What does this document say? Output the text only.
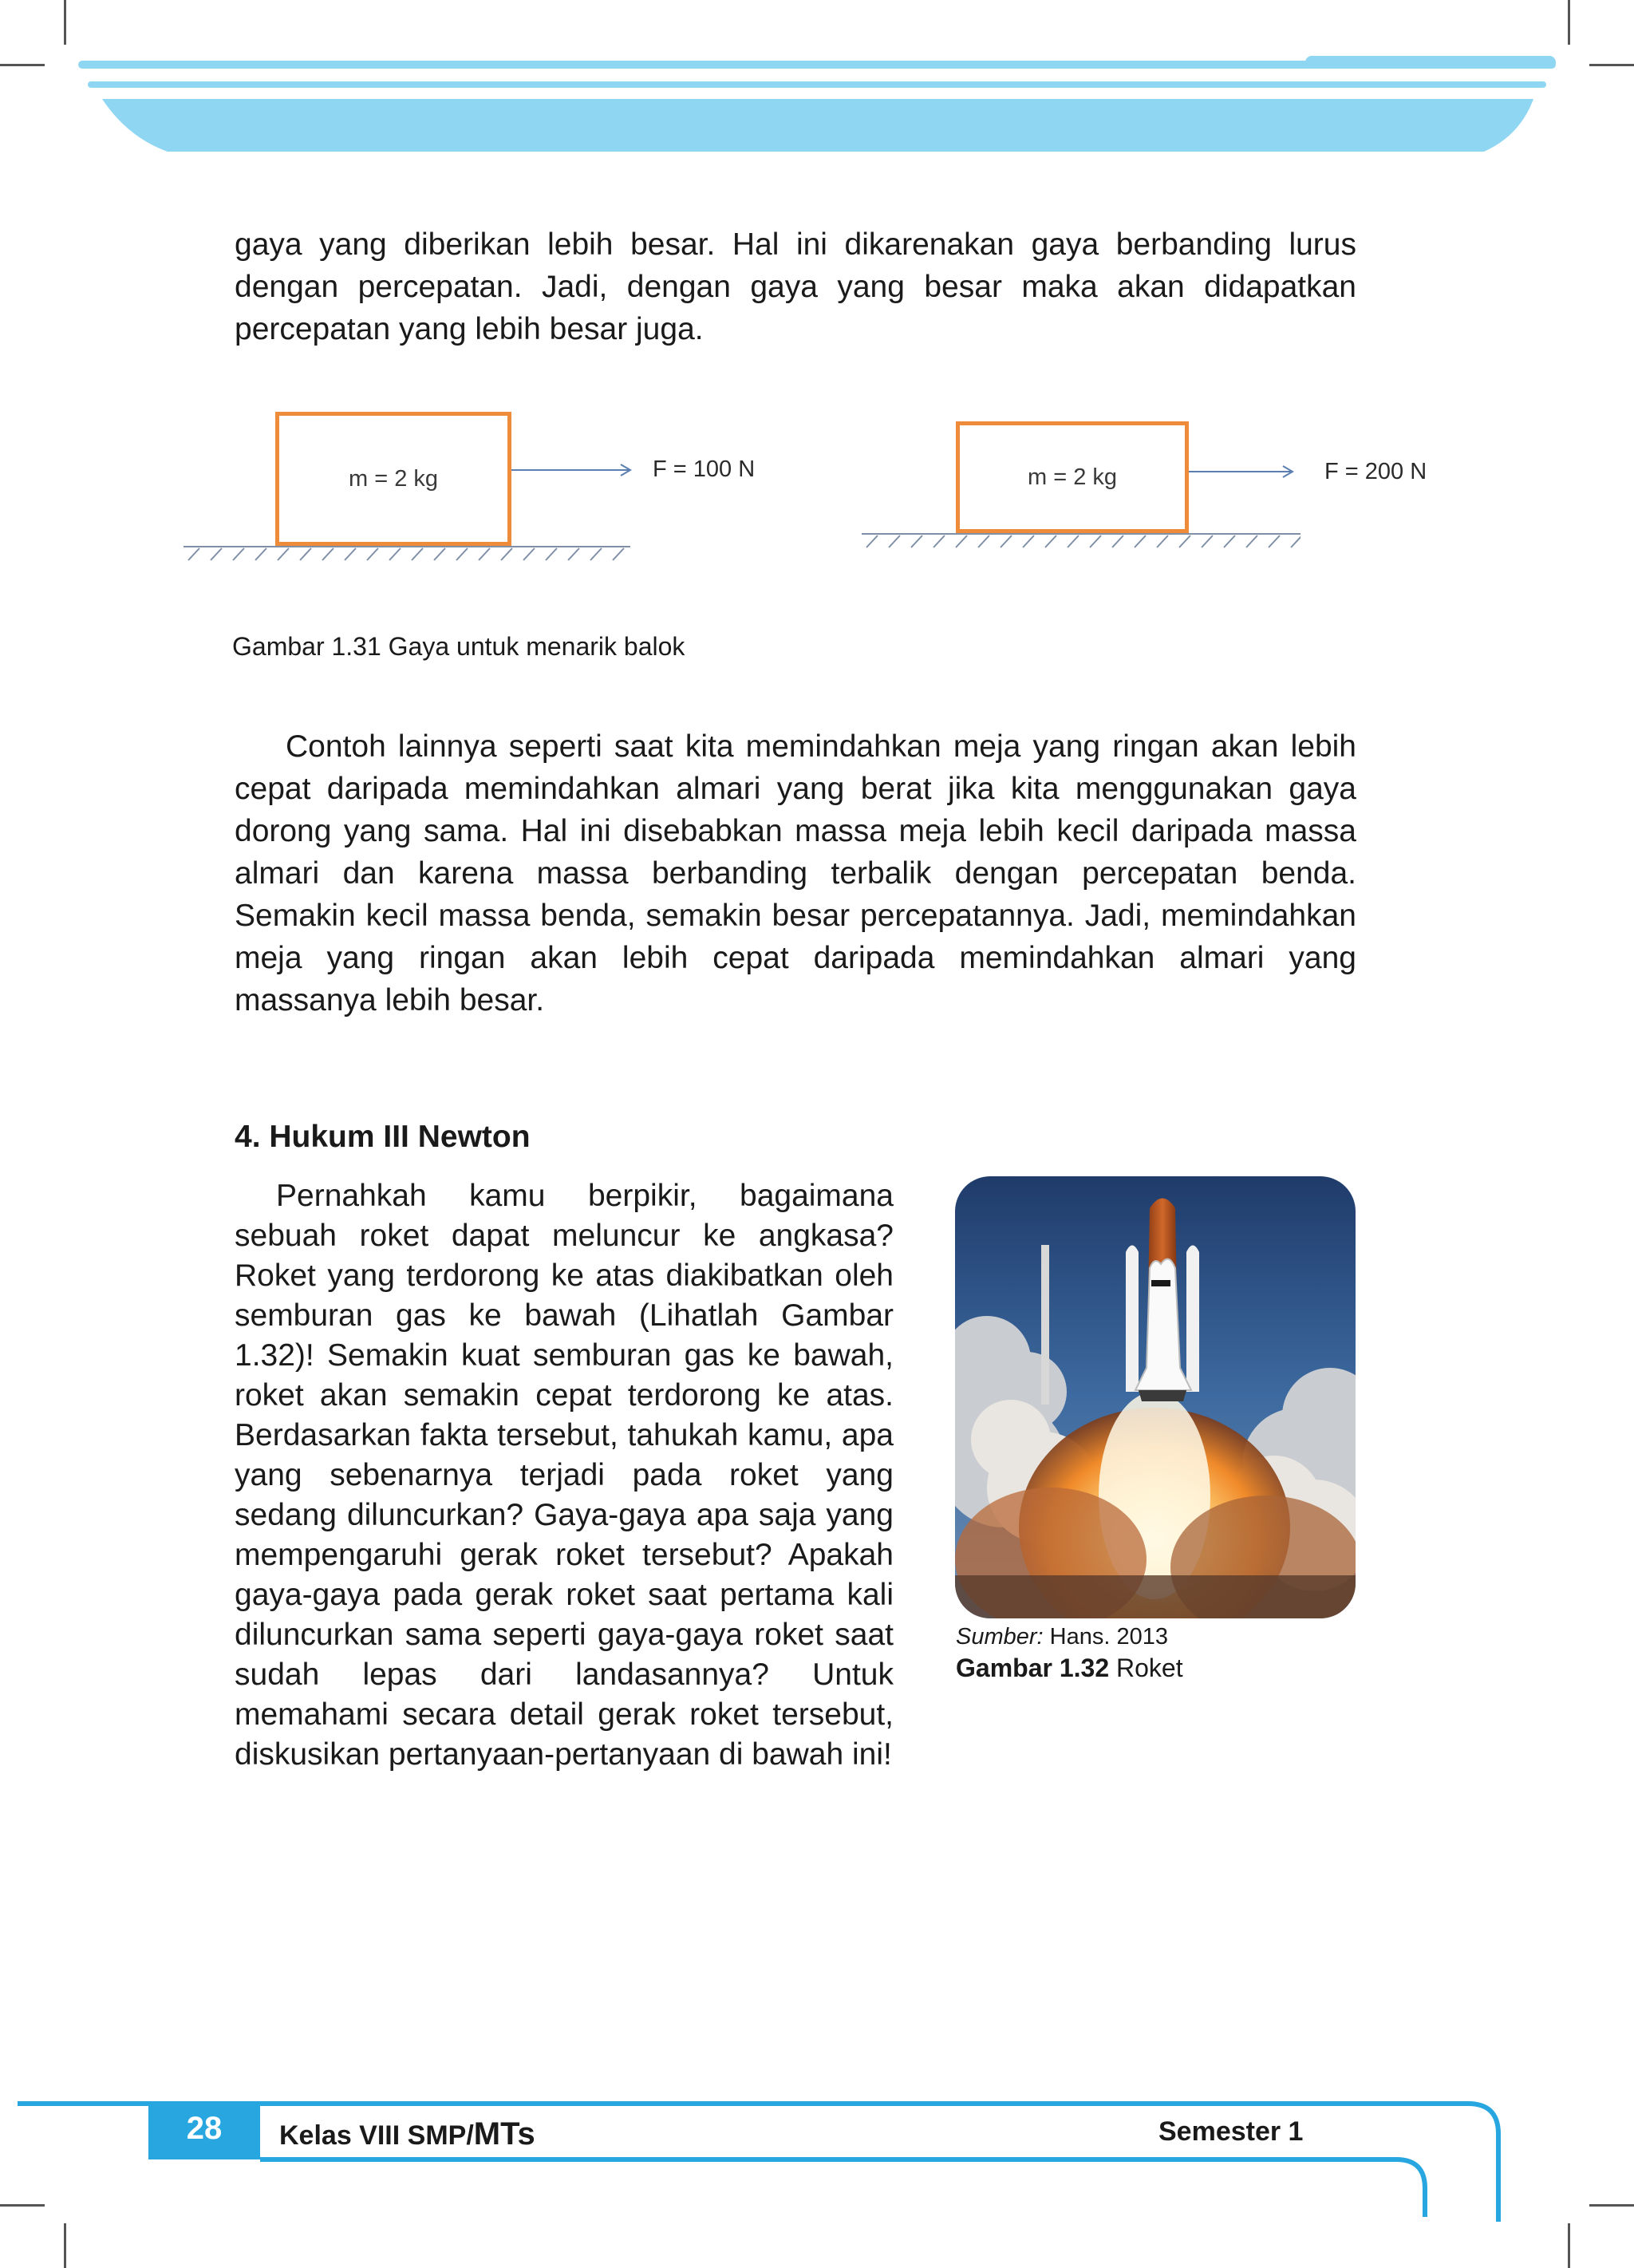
gaya yang diberikan lebih besar. Hal ini dikarenakan gaya berbanding lurus dengan percepatan. Jadi, dengan gaya yang besar maka akan didapatkan percepatan yang lebih besar juga.

m = 2 kg	F = 100 N	m = 2 kg	F = 200 N
Gambar 1.31 Gaya untuk menarik balok

Contoh lainnya seperti saat kita memindahkan meja yang ringan akan lebih cepat daripada memindahkan almari yang berat jika kita menggunakan gaya dorong yang sama. Hal ini disebabkan massa meja lebih kecil daripada massa almari dan karena massa berbanding terbalik dengan percepatan benda. Semakin kecil massa benda, semakin besar percepatannya. Jadi, memindahkan meja yang ringan akan lebih cepat daripada memindahkan almari yang massanya lebih besar.

4. Hukum III Newton

Pernahkah kamu berpikir, bagaimana sebuah roket dapat meluncur ke angkasa? Roket yang terdorong ke atas diakibatkan oleh semburan gas ke bawah (Lihatlah Gambar 1.32)! Semakin kuat semburan gas ke bawah, roket akan semakin cepat terdorong ke atas. Berdasarkan fakta tersebut, tahukah kamu, apa yang sebenarnya terjadi pada roket yang sedang diluncurkan? Gaya-gaya apa saja yang mempengaruhi gerak roket tersebut? Apakah gaya-gaya pada gerak roket saat pertama kali diluncurkan sama seperti gaya-gaya roket saat sudah lepas dari landasannya? Untuk memahami secara detail gerak roket tersebut, diskusikan pertanyaan-pertanyaan di bawah ini!

Sumber: Hans. 2013
Gambar 1.32 Roket
28	Kelas VIII SMP/MTs	Semester 1
